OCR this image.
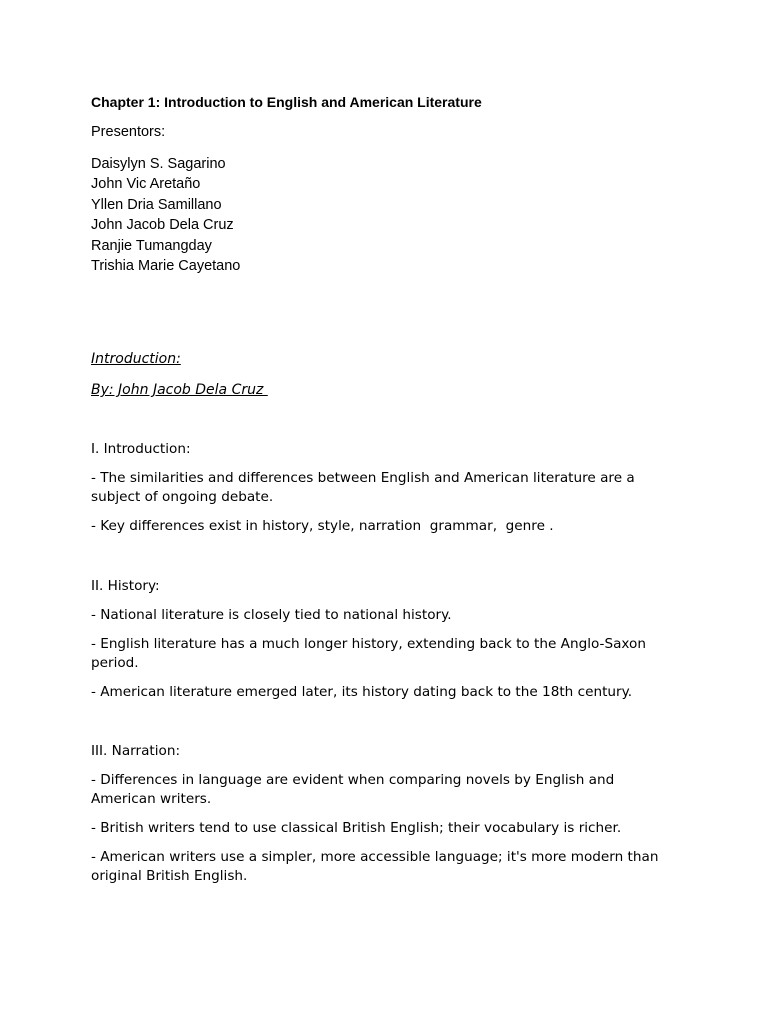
Chapter 1: Introduction to English and American Literature
Presentors:
Daisylyn S. Sagarino
John Vic Aretaño
Yllen Dria Samillano
John Jacob Dela Cruz
Ranjie Tumangday
Trishia Marie Cayetano
Introduction:
By: John Jacob Dela Cruz

I. Introduction:

- The similarities and differences between English and American literature are a subject of ongoing debate.

- Key differences exist in history, style, narration  grammar,  genre .

II. History:

- National literature is closely tied to national history.

- English literature has a much longer history, extending back to the Anglo-Saxon period.

- American literature emerged later, its history dating back to the 18th century.

III. Narration:

- Differences in language are evident when comparing novels by English and American writers.

- British writers tend to use classical British English; their vocabulary is richer.

- American writers use a simpler, more accessible language; it's more modern than original British English.
